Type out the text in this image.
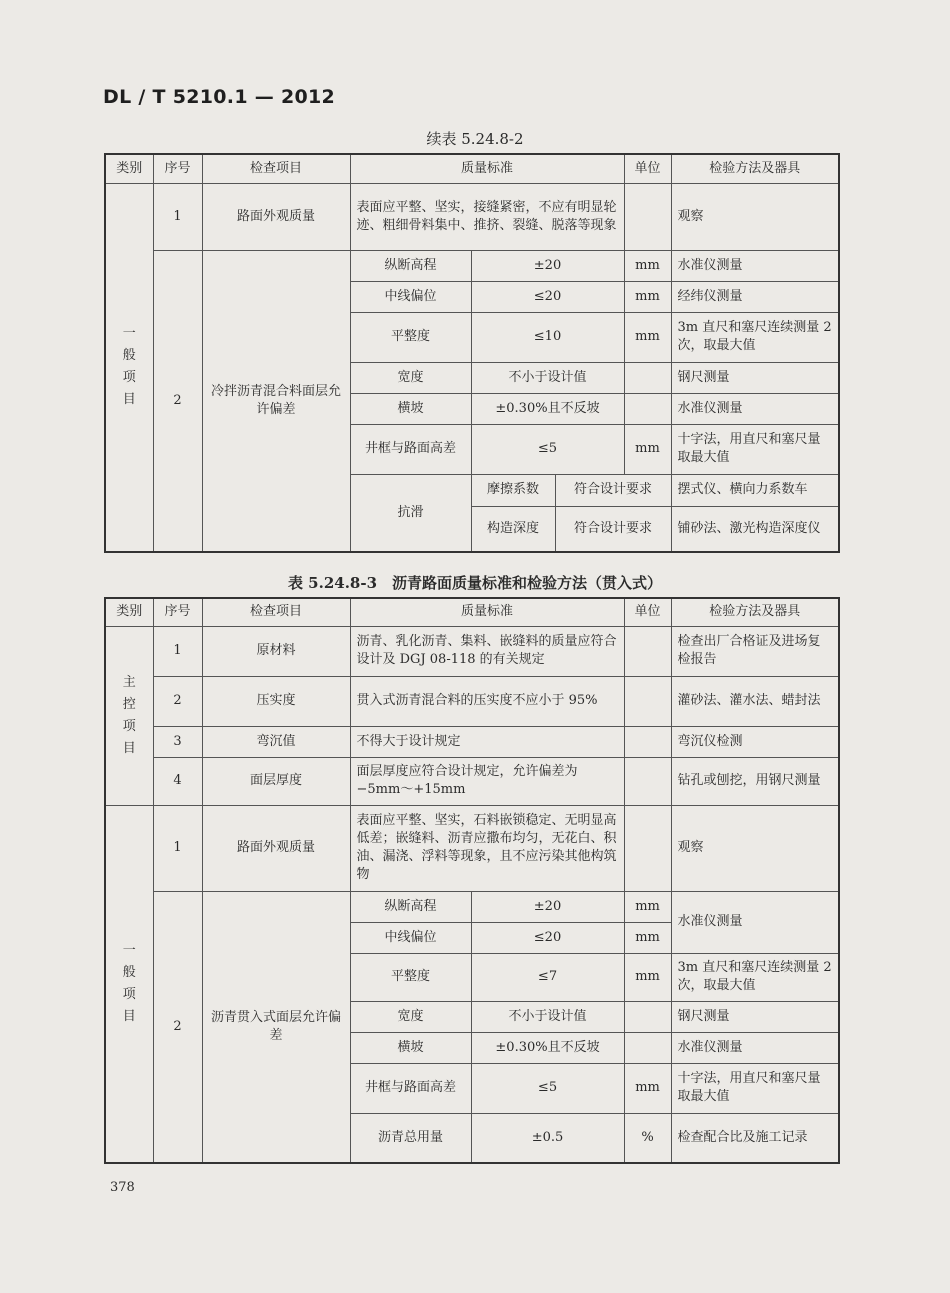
DL / T 5210.1 — 2012
续表 5.24.8-2
类别	序号	检查项目	质量标准			单位	检验方法及器具
一
般
项
目	1	路面外观质量	表面应平整、坚实，接缝紧密，不应有明显轮迹、粗细骨料集中、推挤、裂缝、脱落等现象				观察
	2	冷拌沥青混合料面层允许偏差	纵断高程	±20		mm	水准仪测量
			中线偏位	≤20		mm	经纬仪测量
			平整度	≤10		mm	3m 直尺和塞尺连续测量 2 次，取最大值
			宽度	不小于设计值			钢尺测量
			横坡	±0.30%且不反坡			水准仪测量
			井框与路面高差	≤5		mm	十字法，用直尺和塞尺量取最大值
			抗滑	摩擦系数	符合设计要求		摆式仪、横向力系数车
				构造深度	符合设计要求		铺砂法、激光构造深度仪
表 5.24.8-3　沥青路面质量标准和检验方法（贯入式）
类别	序号	检查项目	质量标准		单位	检验方法及器具
主
控
项
目	1	原材料	沥青、乳化沥青、集料、嵌缝料的质量应符合设计及 DGJ 08-118 的有关规定			检查出厂合格证及进场复检报告
	2	压实度	贯入式沥青混合料的压实度不应小于 95%			灌砂法、灌水法、蜡封法
	3	弯沉值	不得大于设计规定			弯沉仪检测
	4	面层厚度	面层厚度应符合设计规定，允许偏差为 −5mm～+15mm			钻孔或刨挖，用钢尺测量
一
般
项
目	1	路面外观质量	表面应平整、坚实，石料嵌锁稳定、无明显高低差；嵌缝料、沥青应撒布均匀，无花白、积油、漏浇、浮料等现象，且不应污染其他构筑物			观察
	2	沥青贯入式面层允许偏差	纵断高程	±20	mm	水准仪测量
			中线偏位	≤20	mm	
			平整度	≤7	mm	3m 直尺和塞尺连续测量 2 次，取最大值
			宽度	不小于设计值		钢尺测量
			横坡	±0.30%且不反坡		水准仪测量
			井框与路面高差	≤5	mm	十字法，用直尺和塞尺量取最大值
			沥青总用量	±0.5	%	检查配合比及施工记录
378
